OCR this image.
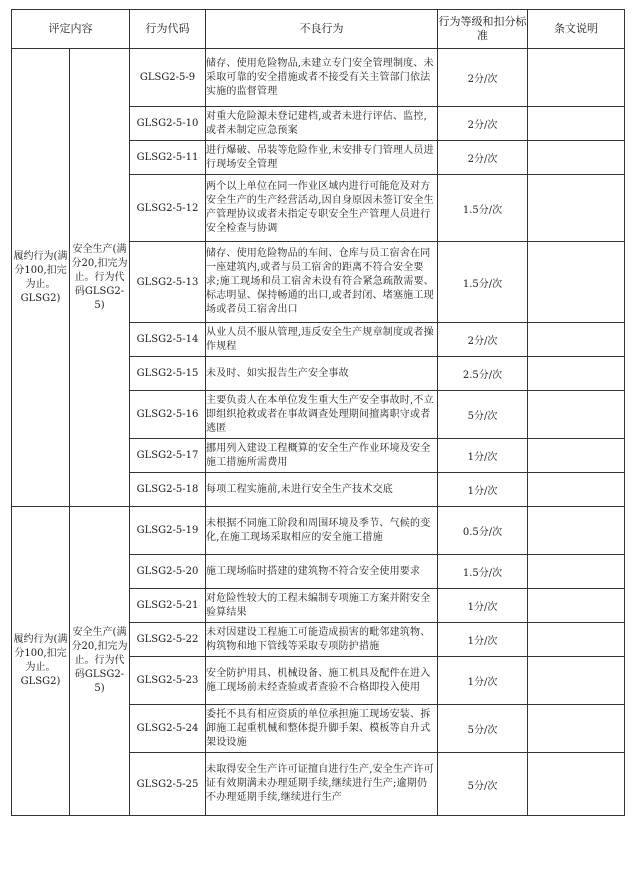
评定内容		行为代码	不良行为	行为等级和扣分标准	条文说明
履约行为(满分100,扣完为止。GLSG2)	安全生产(满分20,扣完为止。行为代码GLSG2-5)	GLSG2-5-9	储存、使用危险物品,未建立专门安全管理制度、未采取可靠的安全措施或者不接受有关主管部门依法实施的监督管理	2分/次	
		GLSG2-5-10	对重大危险源未登记建档,或者未进行评估、监控,或者未制定应急预案	2分/次	
		GLSG2-5-11	进行爆破、吊装等危险作业,未安排专门管理人员进行现场安全管理	2分/次	
		GLSG2-5-12	两个以上单位在同一作业区域内进行可能危及对方安全生产的生产经营活动,因自身原因未签订安全生产管理协议或者未指定专职安全生产管理人员进行安全检查与协调	1.5分/次	
		GLSG2-5-13	储存、使用危险物品的车间、仓库与员工宿舍在同一座建筑内,或者与员工宿舍的距离不符合安全要求;施工现场和员工宿舍未设有符合紧急疏散需要、标志明显、保持畅通的出口,或者封闭、堵塞施工现场或者员工宿舍出口	1.5分/次	
		GLSG2-5-14	从业人员不服从管理,违反安全生产规章制度或者操作规程	2分/次	
		GLSG2-5-15	未及时、如实报告生产安全事故	2.5分/次	
		GLSG2-5-16	主要负责人在本单位发生重大生产安全事故时,不立即组织抢救或者在事故调查处理期间擅离职守或者逃匿	5分/次	
		GLSG2-5-17	挪用列入建设工程概算的安全生产作业环境及安全施工措施所需费用	1分/次	
		GLSG2-5-18	每项工程实施前,未进行安全生产技术交底	1分/次	
履约行为(满分100,扣完为止。GLSG2)	安全生产(满分20,扣完为止。行为代码GLSG2-5)	GLSG2-5-19	未根据不同施工阶段和周围环境及季节、气候的变化,在施工现场采取相应的安全施工措施	0.5分/次	
		GLSG2-5-20	施工现场临时搭建的建筑物不符合安全使用要求	1.5分/次	
		GLSG2-5-21	对危险性较大的工程未编制专项施工方案并附安全验算结果	1分/次	
		GLSG2-5-22	未对因建设工程施工可能造成损害的毗邻建筑物、构筑物和地下管线等采取专项防护措施	1分/次	
		GLSG2-5-23	安全防护用具、机械设备、施工机具及配件在进入施工现场前未经查验或者查验不合格即投入使用	1分/次	
		GLSG2-5-24	委托不具有相应资质的单位承担施工现场安装、拆卸施工起重机械和整体提升脚手架、模板等自升式架设设施	5分/次	
		GLSG2-5-25	未取得安全生产许可证擅自进行生产,安全生产许可证有效期满未办理延期手续,继续进行生产;逾期仍不办理延期手续,继续进行生产	5分/次	
